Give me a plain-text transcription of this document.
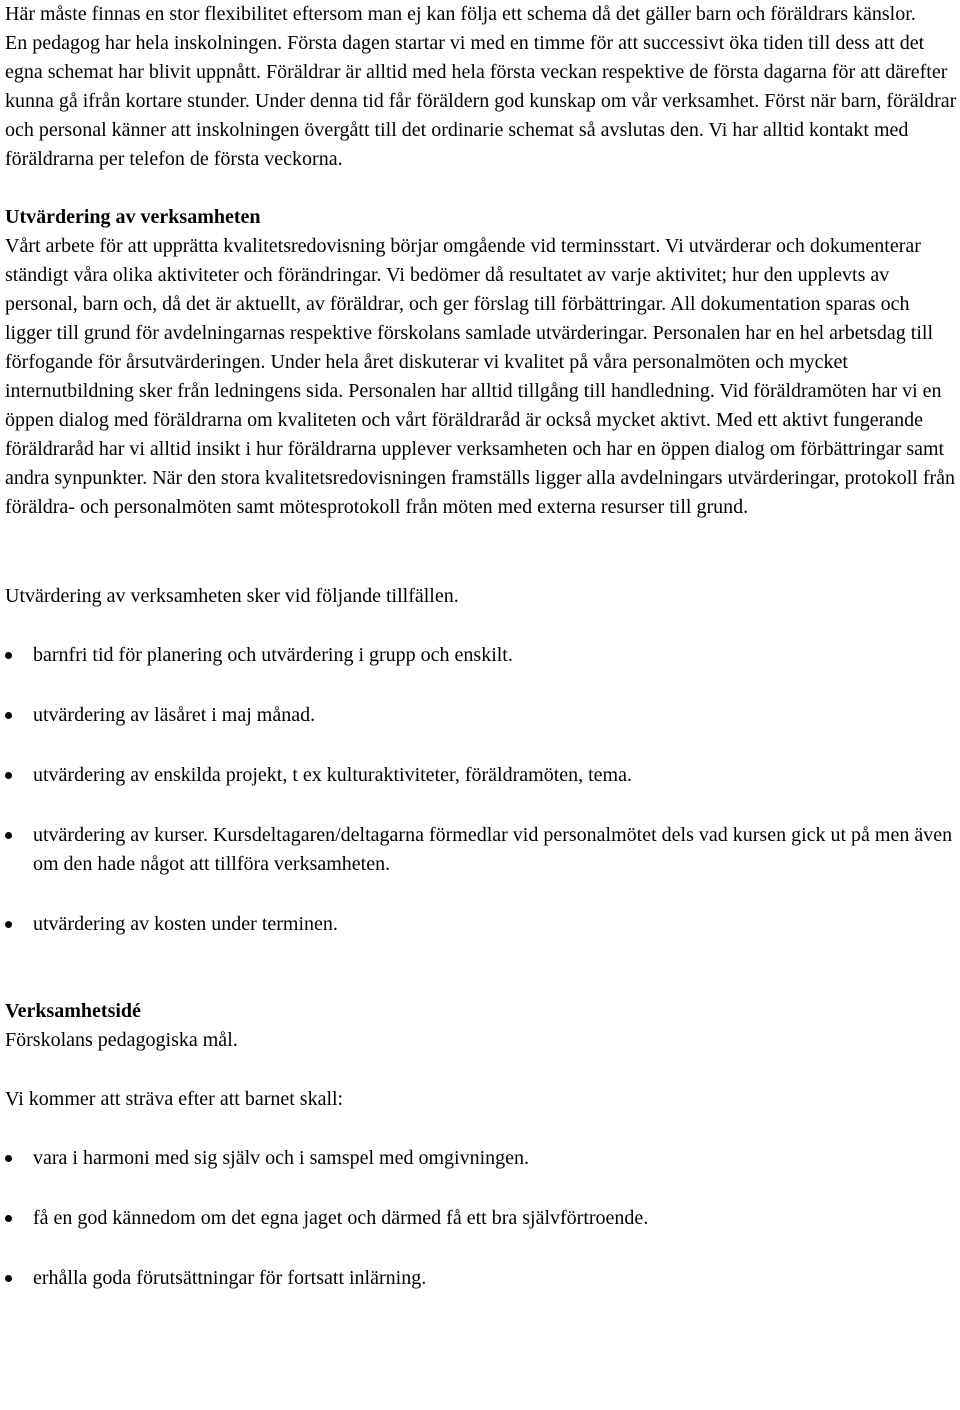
Här måste finnas en stor flexibilitet eftersom man ej kan följa ett schema då det gäller barn och föräldrars känslor.

En pedagog har hela inskolningen. Första dagen startar vi med en timme för att successivt öka tiden till dess att det egna schemat har blivit uppnått. Föräldrar är alltid med hela första veckan respektive de första dagarna för att därefter kunna gå ifrån kortare stunder. Under denna tid får föräldern god kunskap om vår verksamhet. Först när barn, föräldrar och personal känner att inskolningen övergått till det ordinarie schemat så avslutas den. Vi har alltid kontakt med föräldrarna per telefon de första veckorna.

Utvärdering av verksamheten

Vårt arbete för att upprätta kvalitetsredovisning börjar omgående vid terminsstart. Vi utvärderar och dokumenterar ständigt våra olika aktiviteter och förändringar. Vi bedömer då resultatet av varje aktivitet; hur den upplevts av personal, barn och, då det är aktuellt, av föräldrar, och ger förslag till förbättringar. All dokumentation sparas och ligger till grund för avdelningarnas respektive förskolans samlade utvärderingar. Personalen har en hel arbetsdag till förfogande för årsutvärderingen. Under hela året diskuterar vi kvalitet på våra personalmöten och mycket internutbildning sker från ledningens sida. Personalen har alltid tillgång till handledning. Vid föräldramöten har vi en öppen dialog med föräldrarna om kvaliteten och vårt föräldraråd är också mycket aktivt. Med ett aktivt fungerande föräldraråd har vi alltid insikt i hur föräldrarna upplever verksamheten och har en öppen dialog om förbättringar samt andra synpunkter. När den stora kvalitetsredovisningen framställs ligger alla avdelningars utvärderingar, protokoll från föräldra- och personalmöten samt mötesprotokoll från möten med externa resurser till grund.

Utvärdering av verksamheten sker vid följande tillfällen.

barnfri tid för planering och utvärdering i grupp och enskilt.
utvärdering av läsåret i maj månad.
utvärdering av enskilda projekt, t ex kulturaktiviteter, föräldramöten, tema.
utvärdering av kurser. Kursdeltagaren/deltagarna förmedlar vid personalmötet dels vad kursen gick ut på men även om den hade något att tillföra verksamheten.
utvärdering av kosten under terminen.

Verksamhetsidé

Förskolans pedagogiska mål.

Vi kommer att sträva efter att barnet skall:

vara i harmoni med sig själv och i samspel med omgivningen.
få en god kännedom om det egna jaget och därmed få ett bra självförtroende.
erhålla goda förutsättningar för fortsatt inlärning.
